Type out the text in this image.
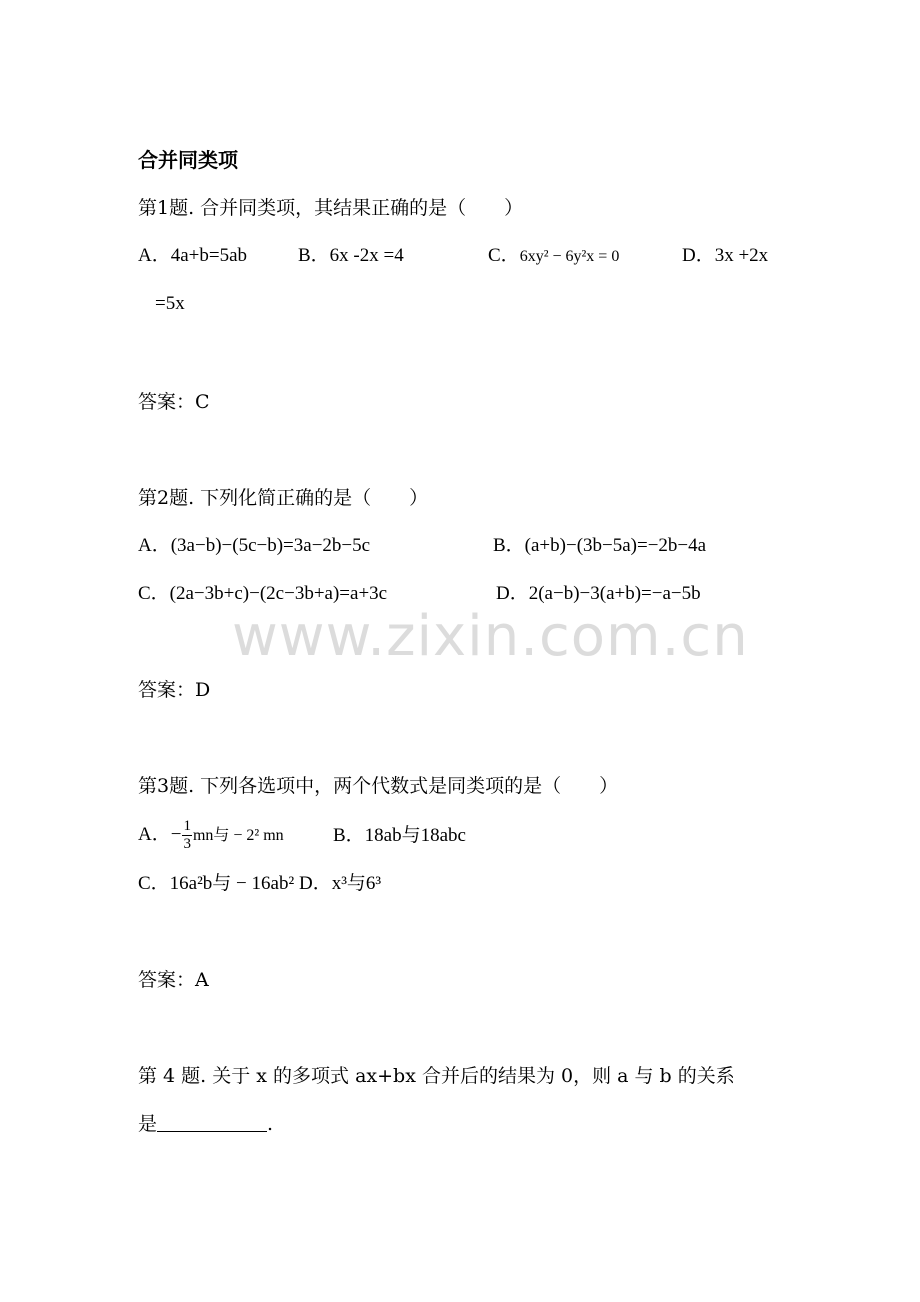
www.zixin.com.cn
合并同类项
第1题. 合并同类项，其结果正确的是（　　）
A．4a+b=5ab	B．6x -2x =4	C．6xy² − 6y²x = 0	D．3x +2x
=5x
答案：C
第2题. 下列化简正确的是（　　）
A．(3a−b)−(5c−b)=3a−2b−5c	B．(a+b)−(3b−5a)=−2b−4a
C．(2a−3b+c)−(2c−3b+a)=a+3c	D．2(a−b)−3(a+b)=−a−5b
答案：D
第3题. 下列各选项中，两个代数式是同类项的是（　　）
A．− $\frac{1}{3}$ mn与 − 2² mn	B．18ab与18abc
C．16a²b与 − 16ab² D．x³与6³
答案：A
第 4 题. 关于 x 的多项式 ax+bx 合并后的结果为 0，则 a 与 b 的关系
是	.
